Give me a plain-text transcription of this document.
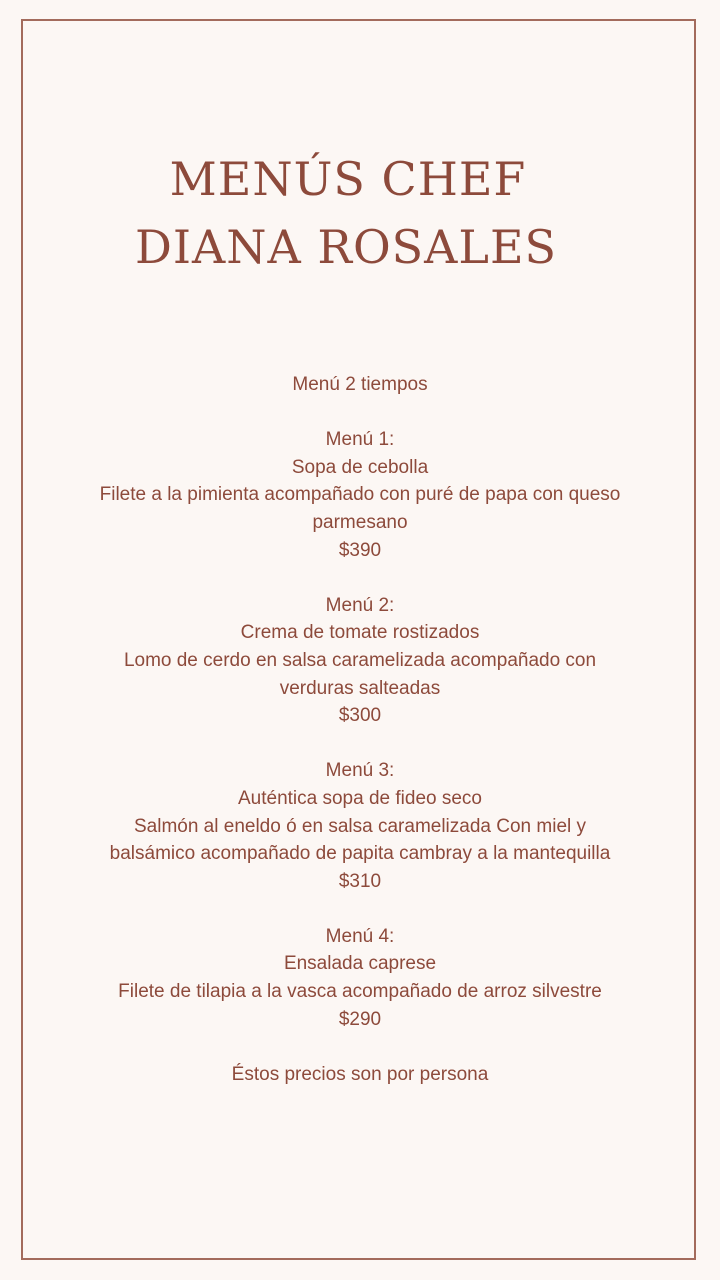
MENÚS CHEF
DIANA ROSALES

Menú 2 tiempos

Menú 1:

Sopa de cebolla

Filete a la pimienta acompañado con puré de papa con queso

parmesano

$390

Menú 2:

Crema de tomate rostizados

Lomo de cerdo en salsa caramelizada acompañado con

verduras salteadas

$300

Menú 3:

Auténtica sopa de fideo seco

Salmón al eneldo ó en salsa caramelizada Con miel y

balsámico acompañado de papita cambray a la mantequilla

$310

Menú 4:

Ensalada caprese

Filete de tilapia a la vasca acompañado de arroz silvestre

$290

Éstos precios son por persona
